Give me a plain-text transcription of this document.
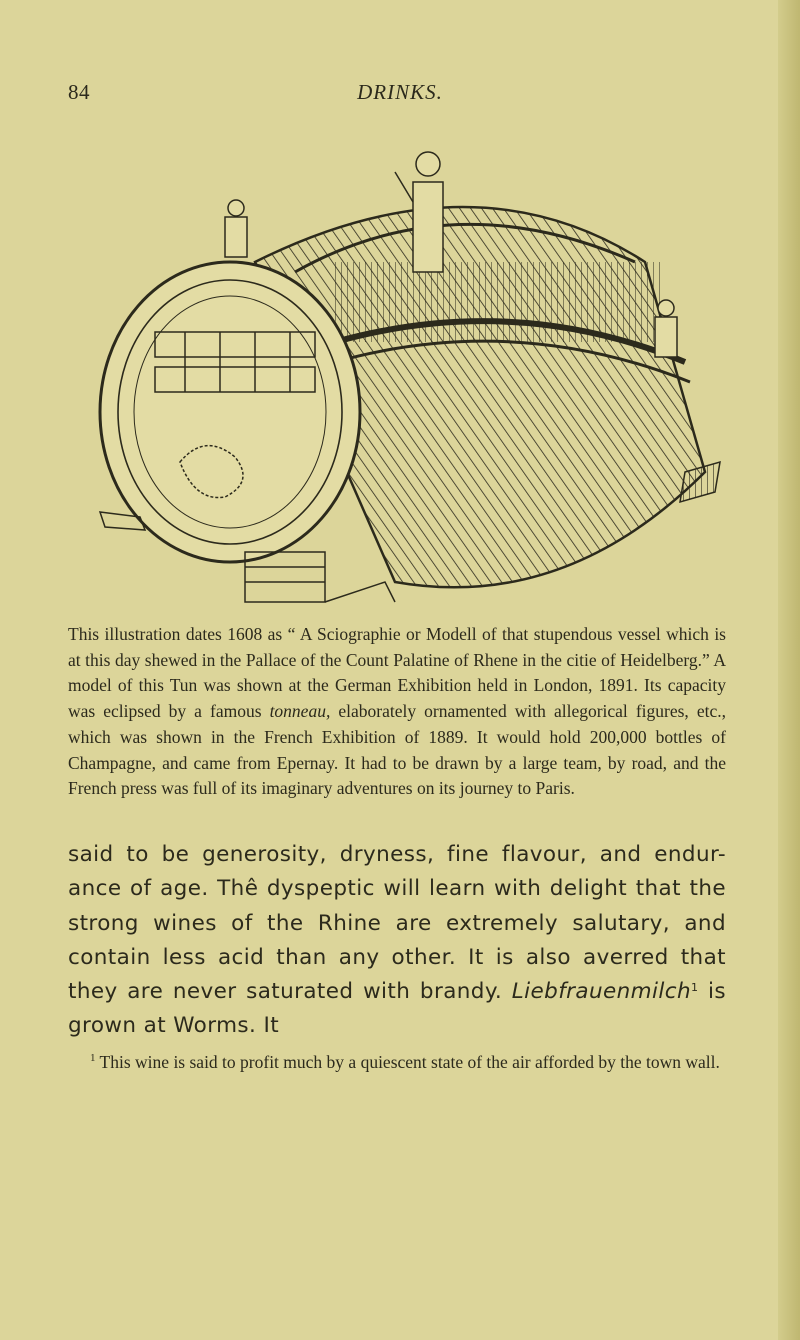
84	DRINKS.

This illustration dates 1608 as “ A Sciographie or Modell of that stupendous vessel which is at this day shewed in the Pallace of the Count Palatine of Rhene in the citie of Heidelberg.” A model of this Tun was shown at the German Exhibition held in London, 1891. Its capacity was eclipsed by a famous tonneau, elaborately ornamented with allegorical figures, etc., which was shown in the French Exhibition of 1889. It would hold 200,000 bottles of Champagne, and came from Epernay. It had to be drawn by a large team, by road, and the French press was full of its imaginary adventures on its journey to Paris.

said to be generosity, dryness, fine flavour, and endur-ance of age. Thê dyspeptic will learn with delight that the strong wines of the Rhine are extremely salutary, and contain less acid than any other. It is also averred that they are never saturated with brandy. Liebfrauenmilch$^1$ is grown at Worms. It

$^1$ This wine is said to profit much by a quiescent state of the air afforded by the town wall.
